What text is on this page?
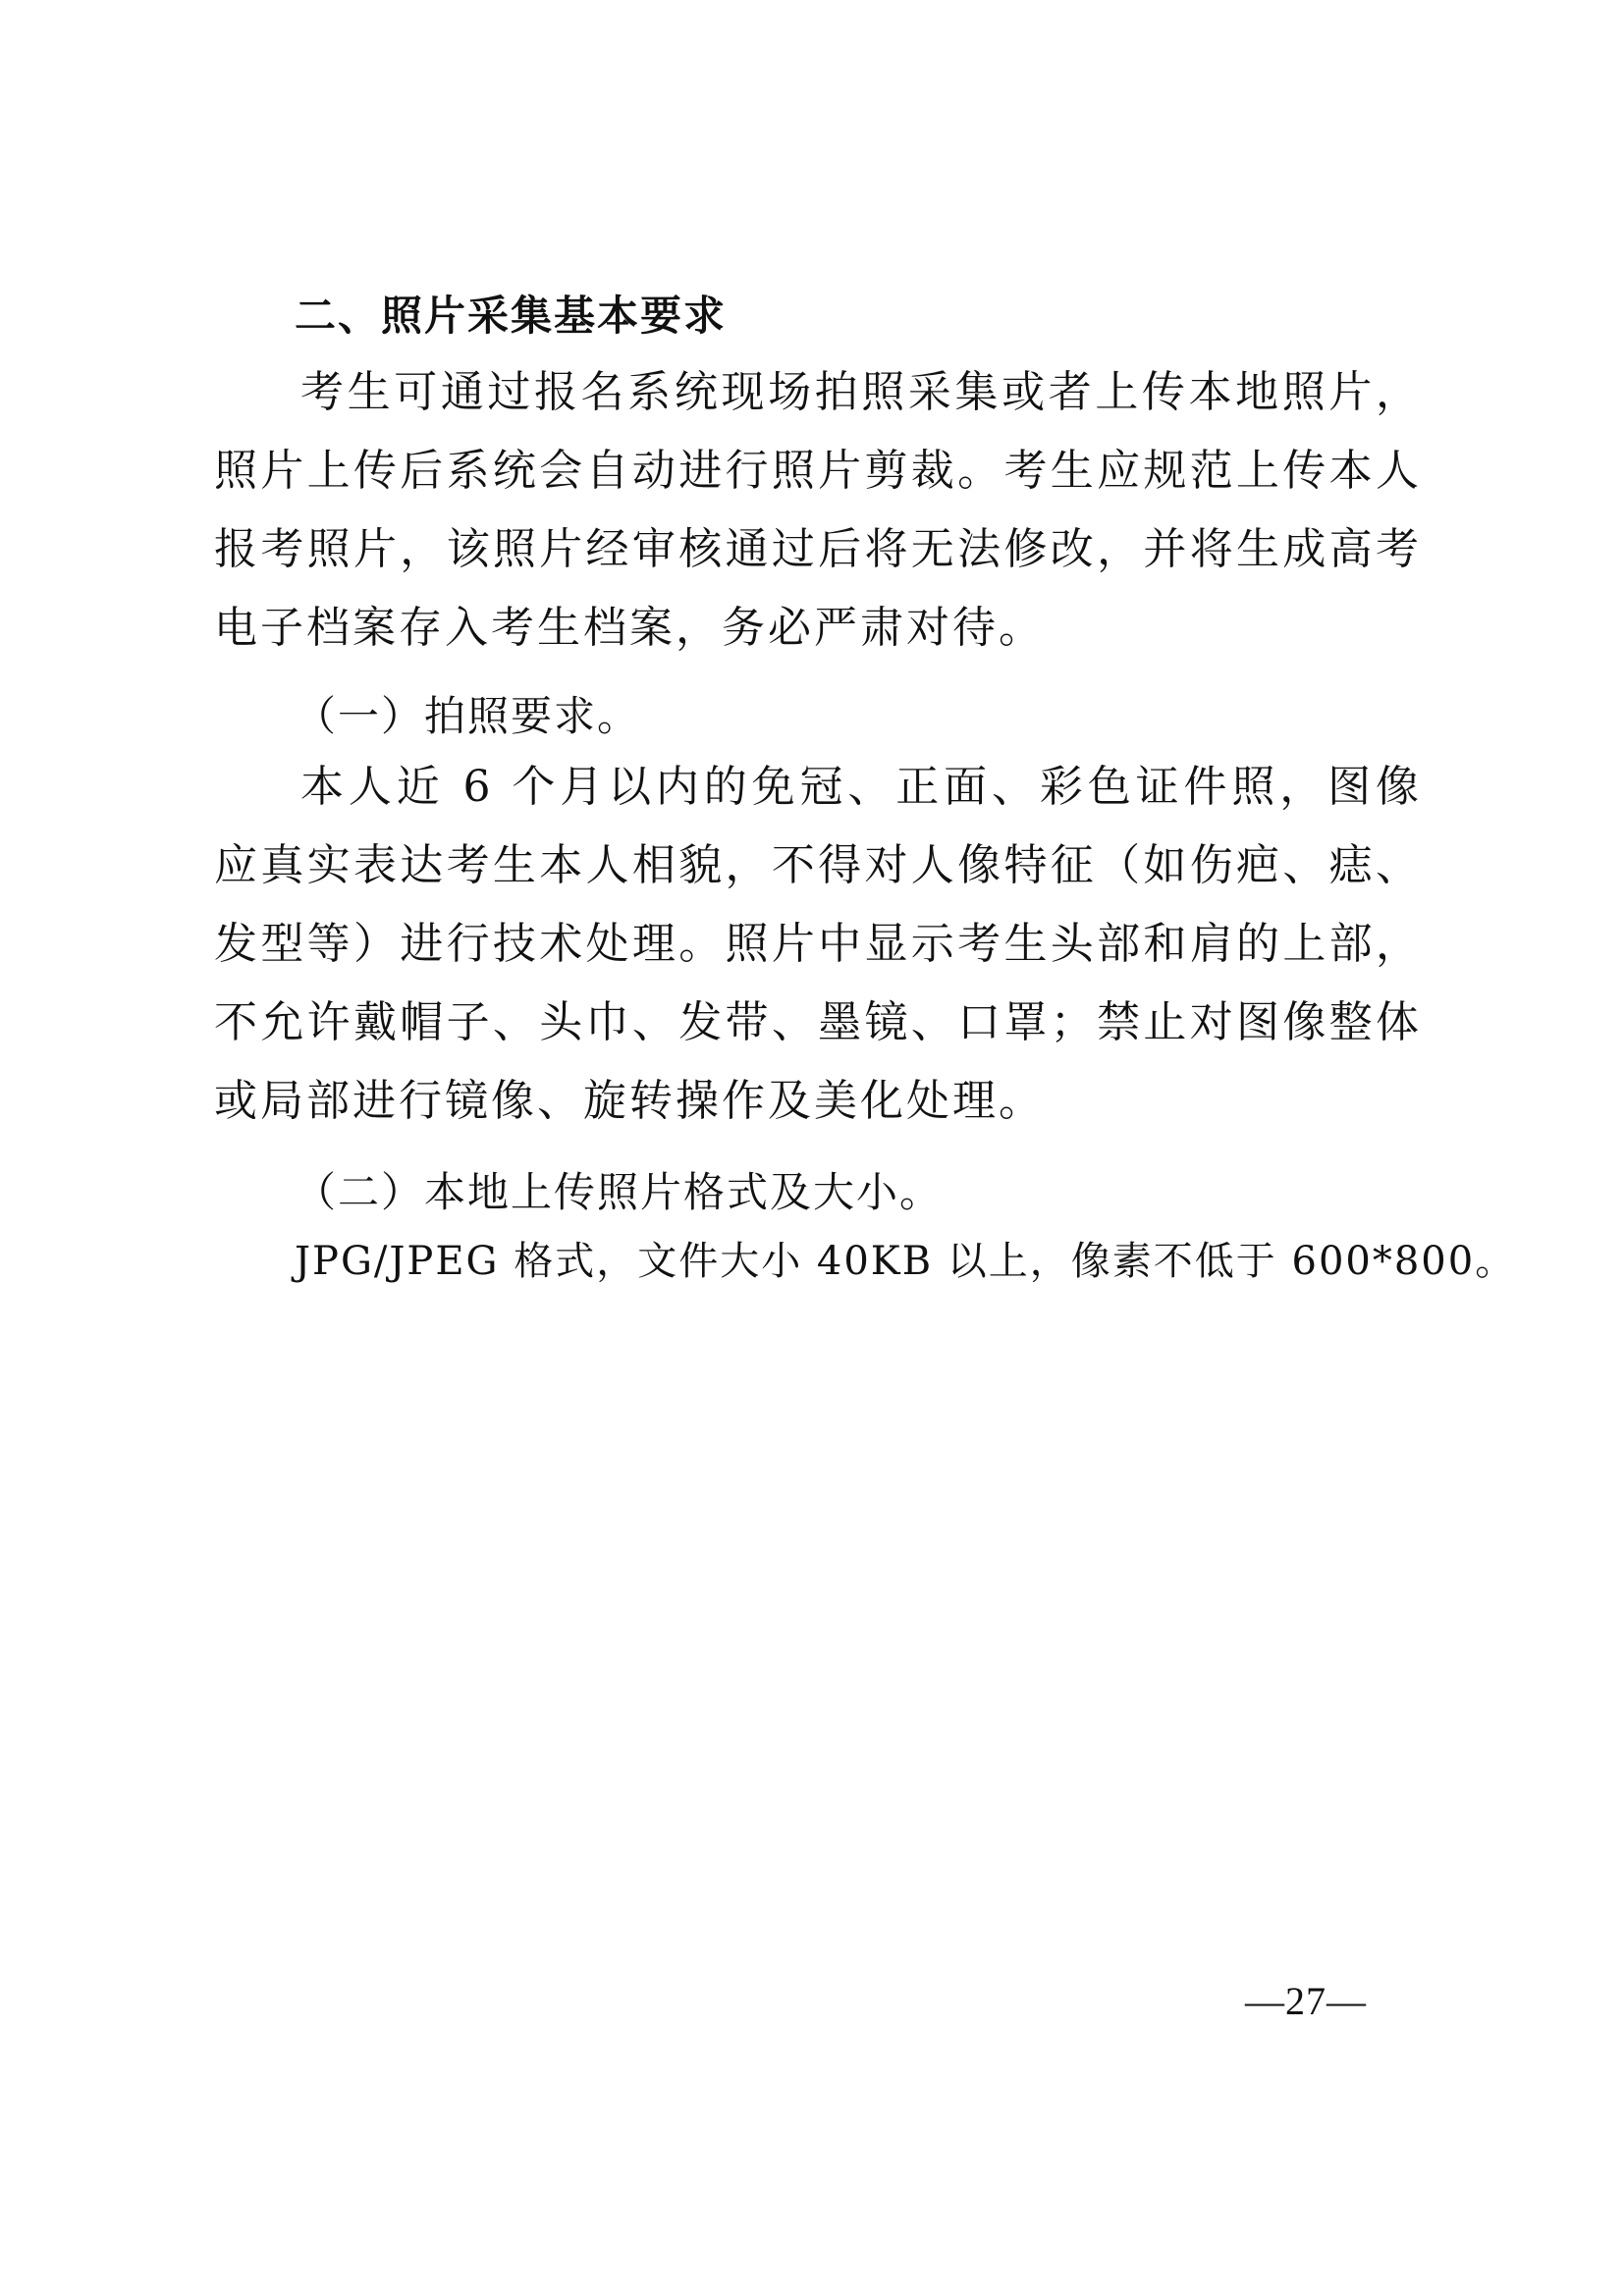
二、照片采集基本要求
考生可通过报名系统现场拍照采集或者上传本地照片，照片上传后系统会自动进行照片剪裁。考生应规范上传本人报考照片，该照片经审核通过后将无法修改，并将生成高考电子档案存入考生档案，务必严肃对待。
（一）拍照要求。
本人近 6 个月以内的免冠、正面、彩色证件照，图像应真实表达考生本人相貌，不得对人像特征（如伤疤、痣、发型等）进行技术处理。照片中显示考生头部和肩的上部，不允许戴帽子、头巾、发带、墨镜、口罩；禁止对图像整体或局部进行镜像、旋转操作及美化处理。
（二）本地上传照片格式及大小。
JPG/JPEG 格式，文件大小 40KB 以上，像素不低于 600*800。
—27—
